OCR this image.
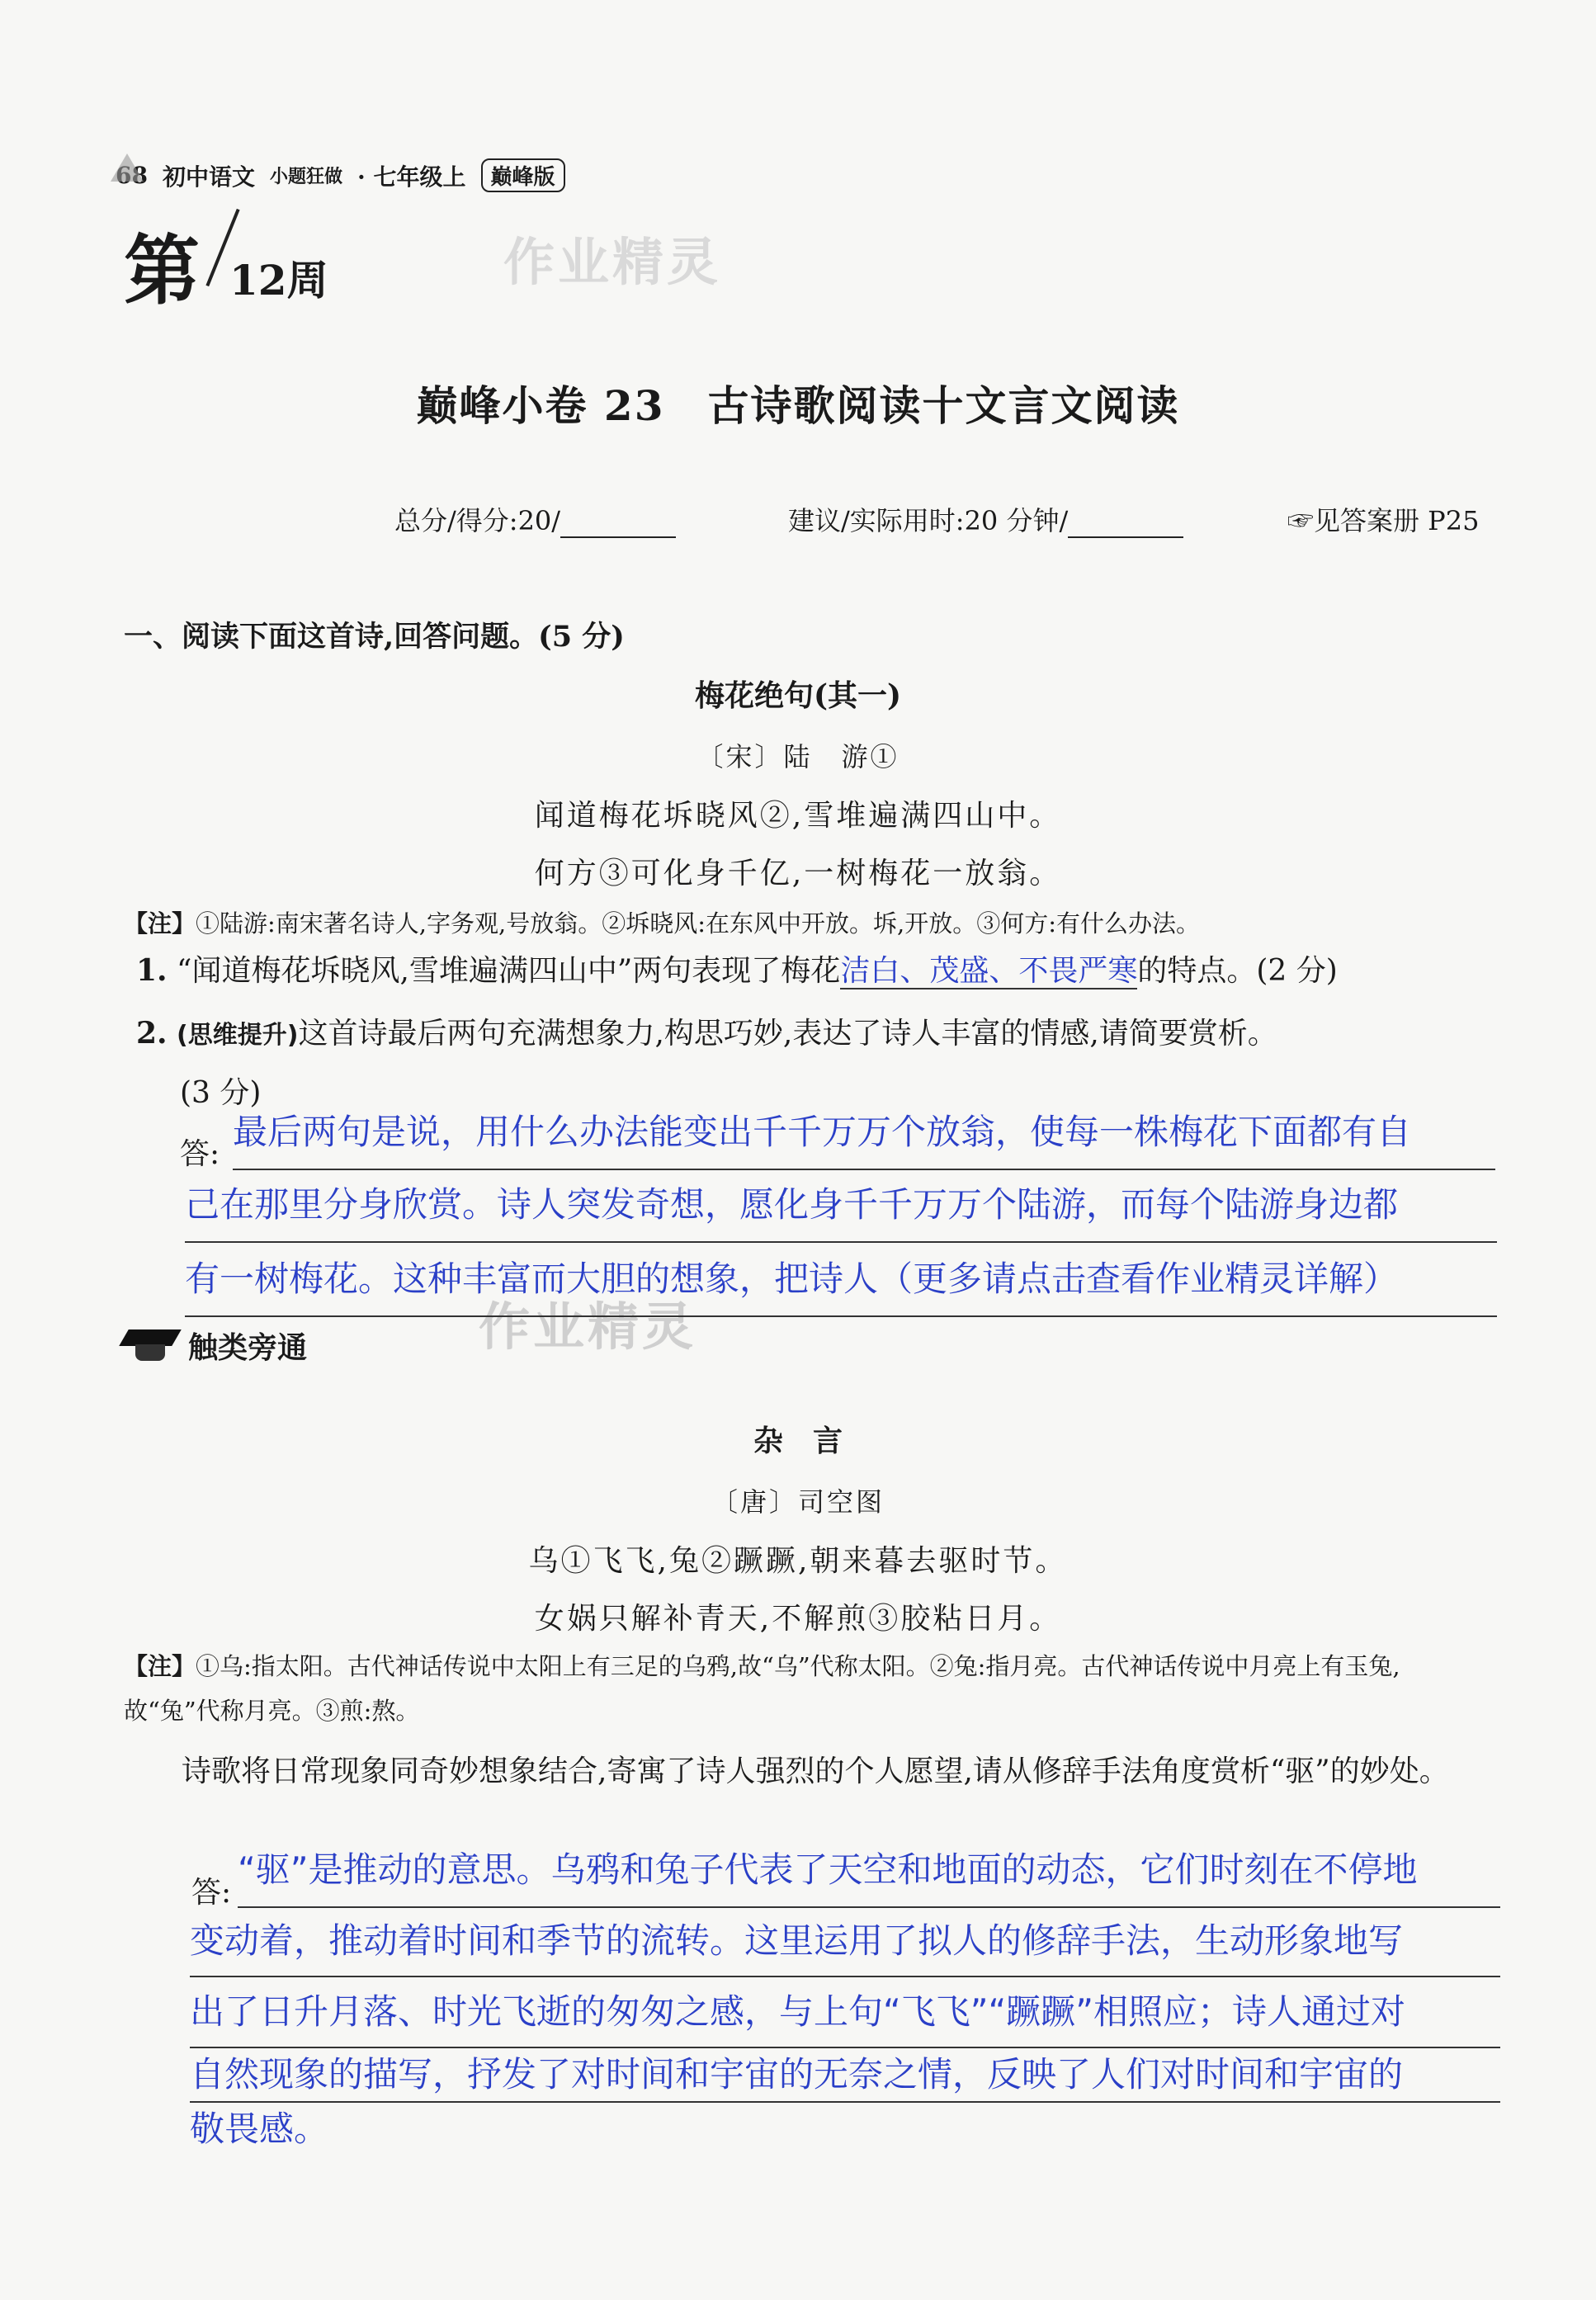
68 初中语文 小题狂做 · 七年级上	巅峰版
第 12周	作业精灵
作业精灵
巅峰小卷 23　古诗歌阅读十文言文阅读
总分/得分:20/	建议/实际用时:20 分钟/	☞见答案册 P25
一、阅读下面这首诗,回答问题。(5 分)
梅花绝句(其一)
〔宋〕陆　游①
闻道梅花坼晓风②,雪堆遍满四山中。
何方③可化身千亿,一树梅花一放翁。
【注】①陆游:南宋著名诗人,字务观,号放翁。②坼晓风:在东风中开放。坼,开放。③何方:有什么办法。
1. “闻道梅花坼晓风,雪堆遍满四山中”两句表现了梅花洁白、茂盛、不畏严寒的特点。(2 分)
2. (思维提升)这首诗最后两句充满想象力,构思巧妙,表达了诗人丰富的情感,请简要赏析。
(3 分)
答:
最后两句是说，用什么办法能变出千千万万个放翁，使每一株梅花下面都有自
己在那里分身欣赏。诗人突发奇想，愿化身千千万万个陆游，而每个陆游身边都
有一树梅花。这种丰富而大胆的想象，把诗人（更多请点击查看作业精灵详解）
触类旁通
杂　言
〔唐〕司空图
乌①飞飞,兔②蹶蹶,朝来暮去驱时节。
女娲只解补青天,不解煎③胶粘日月。
【注】①乌:指太阳。古代神话传说中太阳上有三足的乌鸦,故“乌”代称太阳。②兔:指月亮。古代神话传说中月亮上有玉兔,故“兔”代称月亮。③煎:熬。
诗歌将日常现象同奇妙想象结合,寄寓了诗人强烈的个人愿望,请从修辞手法角度赏析“驱”的妙处。
答:
“驱”是推动的意思。乌鸦和兔子代表了天空和地面的动态，它们时刻在不停地
变动着，推动着时间和季节的流转。这里运用了拟人的修辞手法，生动形象地写
出了日升月落、时光飞逝的匆匆之感，与上句“飞飞”“蹶蹶”相照应；诗人通过对
自然现象的描写，抒发了对时间和宇宙的无奈之情，反映了人们对时间和宇宙的
敬畏感。
